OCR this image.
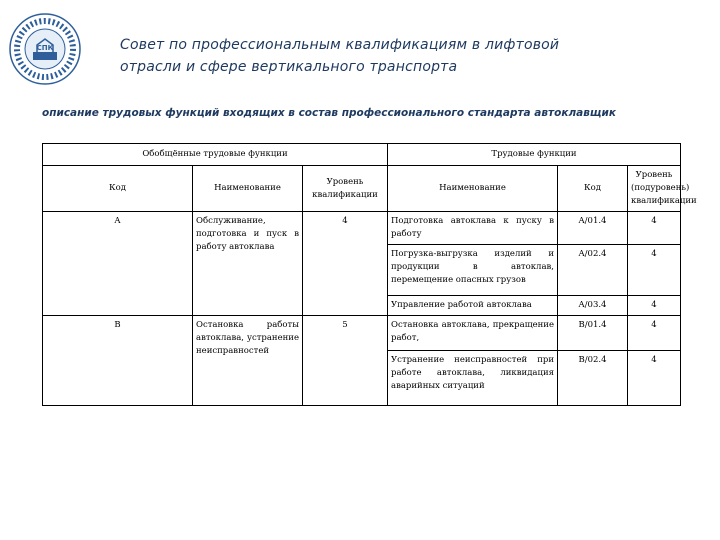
СПК	Совет по профессиональным квалификациям в лифтовой
отрасли и сфере вертикального транспорта
описание трудовых функций входящих в состав профессионального стандарта автоклавщик
Обобщённые трудовые функции			Трудовые функции		
Код	Наименование	Уровень квалификации	Наименование	Код	Уровень (подуровень) квалификации
A	Обслуживание, подготовка и пуск в работу автоклава	4	Подготовка автоклава к пуску в работу	A/01.4	4
			Погрузка-выгрузка изделий и продукции в автоклав, перемещение опасных грузов	A/02.4	4
			Управление работой автоклава	A/03.4	4
B	Остановка работы автоклава, устранение неисправностей	5	Остановка автоклава, прекращение работ,	B/01.4	4
			Устранение неисправностей при работе автоклава, ликвидация аварийных ситуаций	B/02.4	4
